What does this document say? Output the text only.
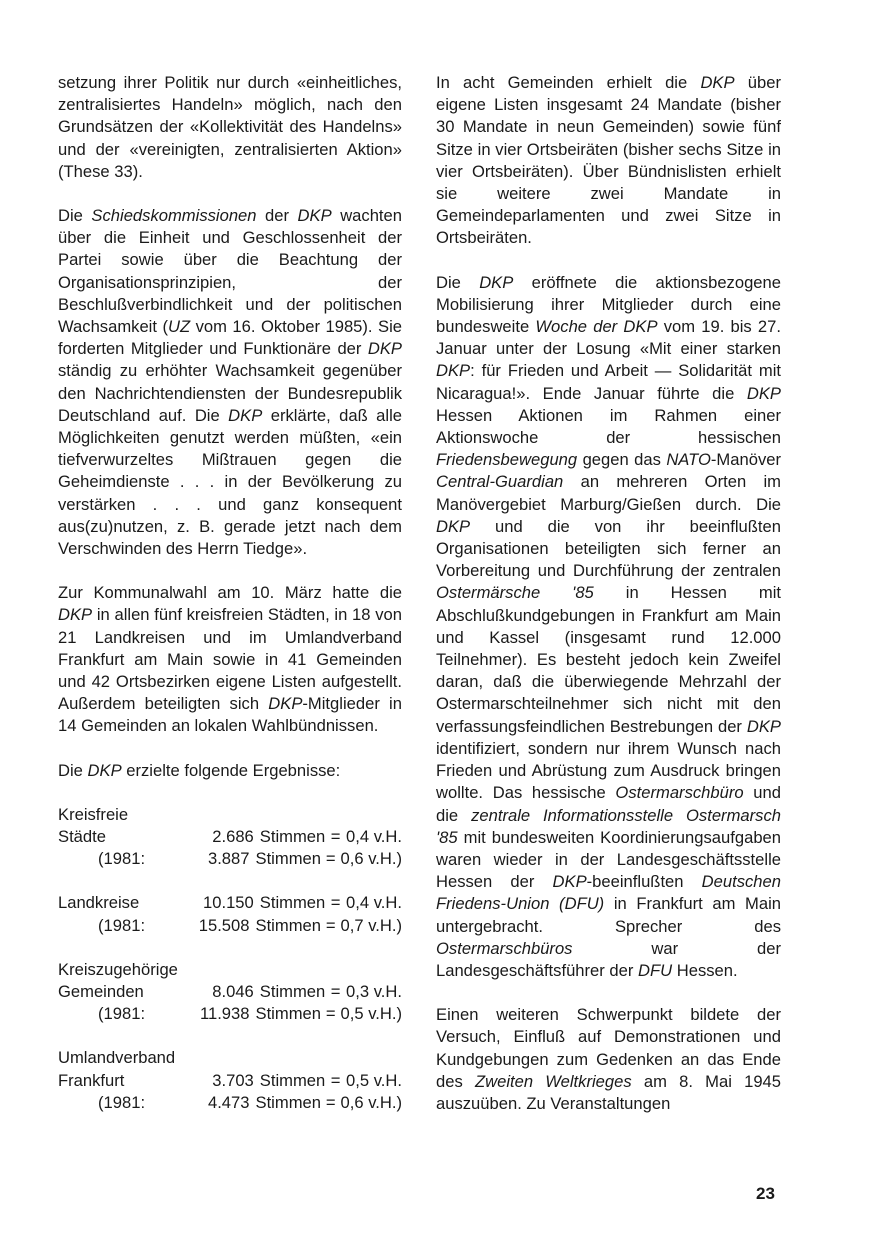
setzung ihrer Politik nur durch «einheitliches, zentralisiertes Handeln» möglich, nach den Grundsätzen der «Kollektivität des Handelns» und der «vereinigten, zentralisierten Aktion» (These 33).

Die Schiedskommissionen der DKP wachten über die Einheit und Geschlossenheit der Partei sowie über die Beachtung der Organisationsprinzipien, der Beschlußverbindlichkeit und der politischen Wachsamkeit (UZ vom 16. Oktober 1985). Sie forderten Mitglieder und Funktionäre der DKP ständig zu erhöhter Wachsamkeit gegenüber den Nachrichtendiensten der Bundesrepublik Deutschland auf. Die DKP erklärte, daß alle Möglichkeiten genutzt werden müßten, «ein tiefverwurzeltes Mißtrauen gegen die Geheimdienste . . . in der Bevölkerung zu verstärken . . . und ganz konsequent aus(zu)nutzen, z. B. gerade jetzt nach dem Verschwinden des Herrn Tiedge».

Zur Kommunalwahl am 10. März hatte die DKP in allen fünf kreisfreien Städten, in 18 von 21 Landkreisen und im Umlandverband Frankfurt am Main sowie in 41 Gemeinden und 42 Ortsbezirken eigene Listen aufgestellt. Außerdem beteiligten sich DKP-Mitglieder in 14 Gemeinden an lokalen Wahlbündnissen.

Die DKP erzielte folgende Ergebnisse:

Kreisfreie
Städte	2.686 Stimmen = 0,4 v.H.
(1981:	3.887 Stimmen = 0,6 v.H.)
Landkreise	10.150 Stimmen = 0,4 v.H.
(1981:	15.508 Stimmen = 0,7 v.H.)
Kreiszugehörige
Gemeinden	8.046 Stimmen = 0,3 v.H.
(1981:	11.938 Stimmen = 0,5 v.H.)
Umlandverband
Frankfurt	3.703 Stimmen = 0,5 v.H.
(1981:	4.473 Stimmen = 0,6 v.H.)

In acht Gemeinden erhielt die DKP über eigene Listen insgesamt 24 Mandate (bisher 30 Mandate in neun Gemeinden) sowie fünf Sitze in vier Ortsbeiräten (bisher sechs Sitze in vier Ortsbeiräten). Über Bündnislisten erhielt sie weitere zwei Mandate in Gemeindeparlamenten und zwei Sitze in Ortsbeiräten.

Die DKP eröffnete die aktionsbezogene Mobilisierung ihrer Mitglieder durch eine bundesweite Woche der DKP vom 19. bis 27. Januar unter der Losung «Mit einer starken DKP: für Frieden und Arbeit — Solidarität mit Nicaragua!». Ende Januar führte die DKP Hessen Aktionen im Rahmen einer Aktionswoche der hessischen Friedensbewegung gegen das NATO-Manöver Central-Guardian an mehreren Orten im Manövergebiet Marburg/Gießen durch. Die DKP und die von ihr beeinflußten Organisationen beteiligten sich ferner an Vorbereitung und Durchführung der zentralen Ostermärsche '85 in Hessen mit Abschlußkundgebungen in Frankfurt am Main und Kassel (insgesamt rund 12.000 Teilnehmer). Es besteht jedoch kein Zweifel daran, daß die überwiegende Mehrzahl der Ostermarschteilnehmer sich nicht mit den verfassungsfeindlichen Bestrebungen der DKP identifiziert, sondern nur ihrem Wunsch nach Frieden und Abrüstung zum Ausdruck bringen wollte. Das hessische Ostermarschbüro und die zentrale Informationsstelle Ostermarsch '85 mit bundesweiten Koordinierungsaufgaben waren wieder in der Landesgeschäftsstelle Hessen der DKP-beeinflußten Deutschen Friedens-Union (DFU) in Frankfurt am Main untergebracht. Sprecher des Ostermarschbüros war der Landesgeschäftsführer der DFU Hessen.

Einen weiteren Schwerpunkt bildete der Versuch, Einfluß auf Demonstrationen und Kundgebungen zum Gedenken an das Ende des Zweiten Weltkrieges am 8. Mai 1945 auszuüben. Zu Veranstaltungen

23
